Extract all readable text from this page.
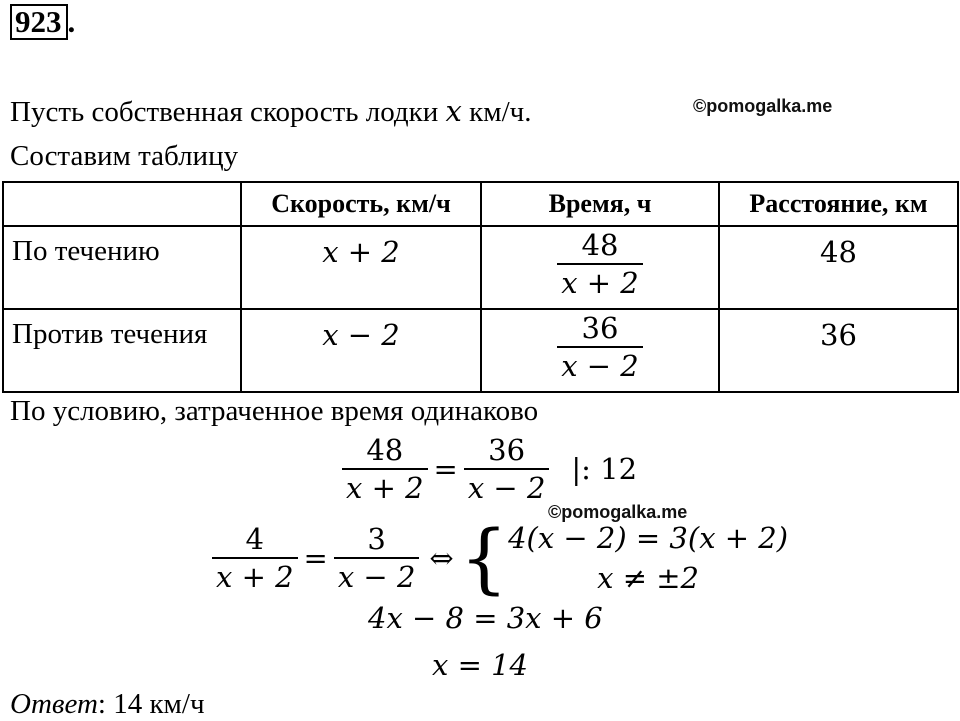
923 .
©pomogalka.me
Пусть собственная скорость лодки x км/ч.
Составим таблицу
	Скорость, км/ч	Время, ч	Расстояние, км

По течению	x + 2	$\frac{48}{x + 2}$	48

Против течения	x − 2	$\frac{36}{x - 2}$	36
По условию, затраченное время одинаково
$\frac{48}{x + 2} = \frac{36}{x - 2}$ |: 12
©pomogalka.me
$\frac{4}{x + 2} = \frac{3}{x - 2}$ ⇔ { 4(x − 2) = 3(x + 2)
x ≠ ±2
4x − 8 = 3x + 6
x = 14
Ответ: 14 км/ч
